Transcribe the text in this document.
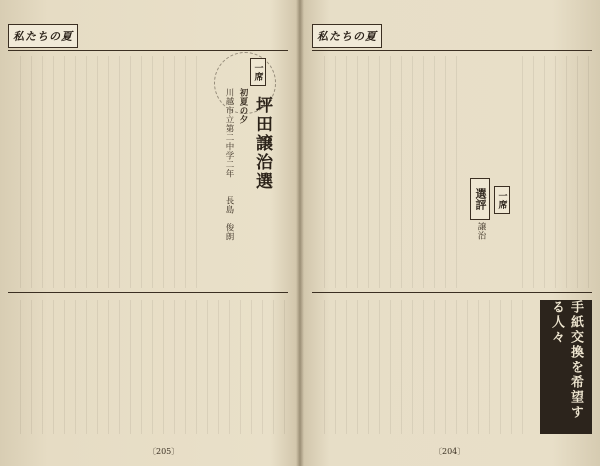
私たちの夏
一席
初夏の夕
川越市立第二中学二年
長島　俊朗
坪田譲治選
〔205〕
私たちの夏
選評
譲治
一席
手紙交換を希望する人々
〔204〕
